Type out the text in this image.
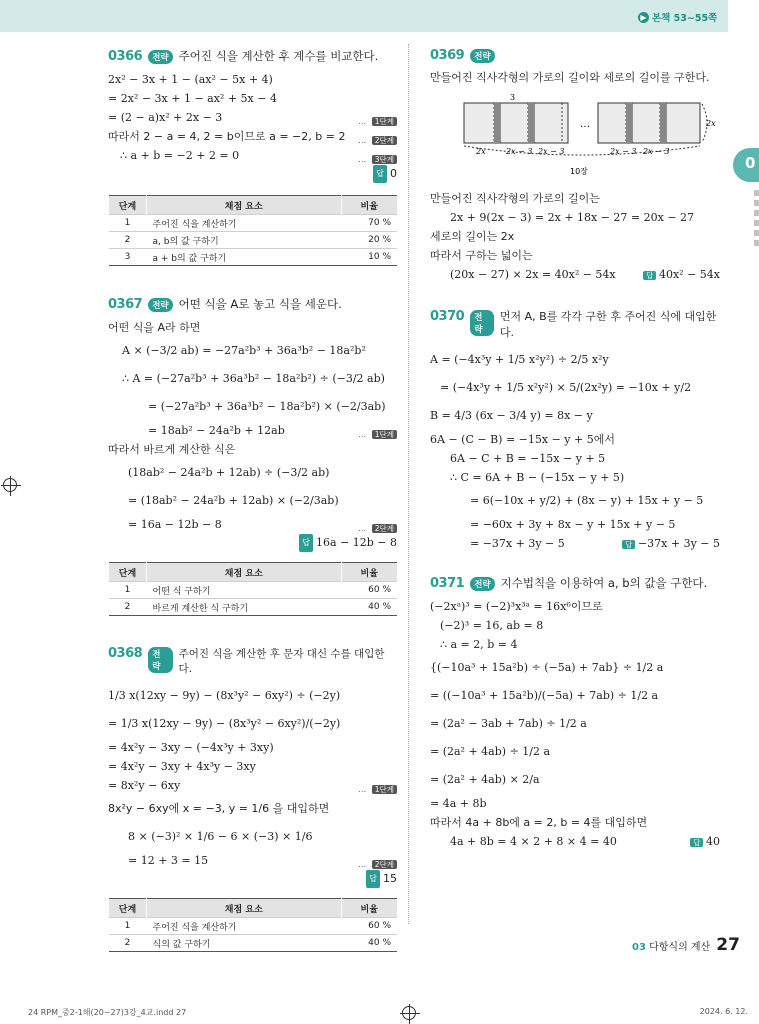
▶ 본책 53~55쪽
0
0366	전략 주어진 식을 계산한 후 계수를 비교한다.
2x² − 3x + 1 − (ax² − 5x + 4)
= 2x² − 3x + 1 − ax² + 5x − 4
= (2 − a)x² + 2x − 3	… 1단계
따라서 2 − a = 4, 2 = b이므로 a = −2, b = 2 … 2단계
∴ a + b = −2 + 2 = 0	… 3단계
답 0
단계	채점 요소	비율
1	주어진 식을 계산하기	70 %
2	a, b의 값 구하기	20 %
3	a + b의 값 구하기	10 %
0367	전략 어떤 식을 A로 놓고 식을 세운다.
어떤 식을 A라 하면
A × (−3/2 ab) = −27a²b³ + 36a³b² − 18a²b²
∴ A = (−27a²b³ + 36a³b² − 18a²b²) ÷ (−3/2 ab)
= (−27a²b³ + 36a³b² − 18a²b²) × (−2/3ab)
= 18ab² − 24a²b + 12ab	… 1단계
따라서 바르게 계산한 식은
(18ab² − 24a²b + 12ab) ÷ (−3/2 ab)
= (18ab² − 24a²b + 12ab) × (−2/3ab)
= 16a − 12b − 8	… 2단계
답 16a − 12b − 8
단계	채점 요소	비율
1	어떤 식 구하기	60 %
2	바르게 계산한 식 구하기	40 %
0368	전략
주어진 식을 계산한 후 문자 대신 수를 대입한다.
1/3 x(12xy − 9y) − (8x³y² − 6xy²) ÷ (−2y)
= 1/3 x(12xy − 9y) − (8x³y² − 6xy²)/(−2y)
= 4x²y − 3xy − (−4x³y + 3xy)
= 4x²y − 3xy + 4x³y − 3xy
= 8x²y − 6xy	… 1단계
8x²y − 6xy에 x = −3, y = 1/6 을 대입하면
8 × (−3)² × 1/6 − 6 × (−3) × 1/6
= 12 + 3 = 15	… 2단계
답 15
단계	채점 요소	비율
1	주어진 식을 계산하기	60 %
2	식의 값 구하기	40 %
0369	전략
만들어진 직사각형의 가로의 길이와 세로의 길이를 구한다.
3
2x
…
2x	2x − 3 2x − 3	2x − 3 2x − 3
10장
만들어진 직사각형의 가로의 길이는
2x + 9(2x − 3) = 2x + 18x − 27 = 20x − 27
세로의 길이는 2x
따라서 구하는 넓이는
(20x − 27) × 2x = 40x² − 54x	답 40x² − 54x
0370	전략
먼저 A, B를 각각 구한 후 주어진 식에 대입한다.
A = (−4x³y + 1/5 x²y²) ÷ 2/5 x²y
= (−4x³y + 1/5 x²y²) × 5/(2x²y) = −10x + y/2
B = 4/3 (6x − 3/4 y) = 8x − y
6A − (C − B) = −15x − y + 5에서
6A − C + B = −15x − y + 5
∴ C = 6A + B − (−15x − y + 5)
= 6(−10x + y/2) + (8x − y) + 15x + y − 5
= −60x + 3y + 8x − y + 15x + y − 5
= −37x + 3y − 5	답 −37x + 3y − 5
0371	전략 지수법칙을 이용하여 a, b의 값을 구한다.
(−2xᵃ)³ = (−2)³x³ᵃ = 16x⁶이므로
(−2)³ = 16, ab = 8
∴ a = 2, b = 4
{(−10a³ + 15a²b) ÷ (−5a) + 7ab} ÷ 1/2 a
= ((−10a³ + 15a²b)/(−5a) + 7ab) ÷ 1/2 a
= (2a² − 3ab + 7ab) ÷ 1/2 a
= (2a² + 4ab) ÷ 1/2 a
= (2a² + 4ab) × 2/a
= 4a + 8b
따라서 4a + 8b에 a = 2, b = 4를 대입하면
4a + 8b = 4 × 2 + 8 × 4 = 40	답 40
03 다항식의 계산 27
24 RPM_중2-1해(20~27)3강_4교.indd 27	2024. 6. 12.
